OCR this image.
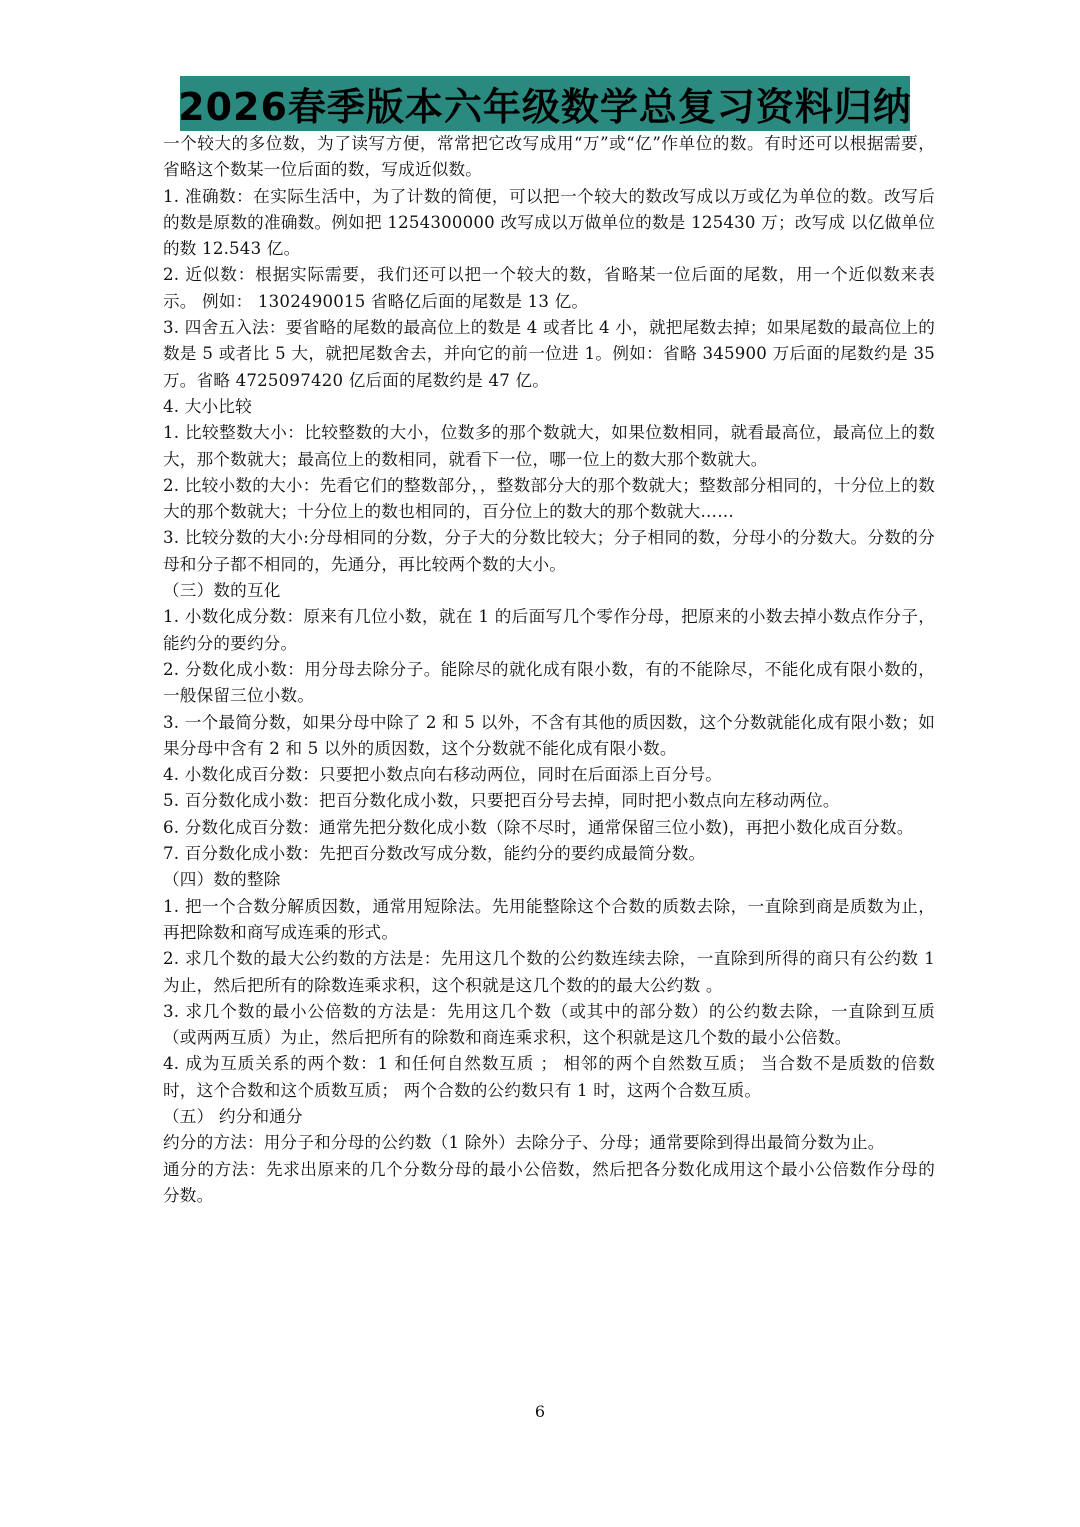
2026春季版本六年级数学总复习资料归纳

一个较大的多位数，为了读写方便，常常把它改写成用“万”或“亿”作单位的数。有时还可以根据需要，省略这个数某一位后面的数，写成近似数。

1. 准确数：在实际生活中，为了计数的简便，可以把一个较大的数改写成以万或亿为单位的数。改写后的数是原数的准确数。例如把 1254300000 改写成以万做单位的数是 125430 万；改写成 以亿做单位 的数 12.543 亿。

2. 近似数：根据实际需要，我们还可以把一个较大的数，省略某一位后面的尾数，用一个近似数来表示。 例如： 1302490015 省略亿后面的尾数是 13 亿。

3. 四舍五入法：要省略的尾数的最高位上的数是 4 或者比 4 小，就把尾数去掉；如果尾数的最高位上的数是 5 或者比 5 大，就把尾数舍去，并向它的前一位进 1。例如：省略 345900 万后面的尾数约是 35 万。省略 4725097420 亿后面的尾数约是 47 亿。

4. 大小比较

1. 比较整数大小：比较整数的大小，位数多的那个数就大，如果位数相同，就看最高位，最高位上的数大，那个数就大；最高位上的数相同，就看下一位，哪一位上的数大那个数就大。

2. 比较小数的大小：先看它们的整数部分，，整数部分大的那个数就大；整数部分相同的，十分位上的数大的那个数就大；十分位上的数也相同的，百分位上的数大的那个数就大……

3. 比较分数的大小:分母相同的分数，分子大的分数比较大；分子相同的数，分母小的分数大。分数的分母和分子都不相同的，先通分，再比较两个数的大小。

（三）数的互化

1. 小数化成分数：原来有几位小数，就在 1 的后面写几个零作分母，把原来的小数去掉小数点作分子，能约分的要约分。

2. 分数化成小数：用分母去除分子。能除尽的就化成有限小数，有的不能除尽，不能化成有限小数的，一般保留三位小数。

3. 一个最简分数，如果分母中除了 2 和 5 以外，不含有其他的质因数，这个分数就能化成有限小数；如果分母中含有 2 和 5 以外的质因数，这个分数就不能化成有限小数。

4. 小数化成百分数：只要把小数点向右移动两位，同时在后面添上百分号。

5. 百分数化成小数：把百分数化成小数，只要把百分号去掉，同时把小数点向左移动两位。

6. 分数化成百分数：通常先把分数化成小数（除不尽时，通常保留三位小数)，再把小数化成百分数。

7. 百分数化成小数：先把百分数改写成分数，能约分的要约成最简分数。

（四）数的整除

1. 把一个合数分解质因数，通常用短除法。先用能整除这个合数的质数去除，一直除到商是质数为止，再把除数和商写成连乘的形式。

2. 求几个数的最大公约数的方法是：先用这几个数的公约数连续去除，一直除到所得的商只有公约数 1 为止，然后把所有的除数连乘求积，这个积就是这几个数的的最大公约数 。

3. 求几个数的最小公倍数的方法是：先用这几个数（或其中的部分数）的公约数去除，一直除到互质（或两两互质）为止，然后把所有的除数和商连乘求积，这个积就是这几个数的最小公倍数。

4. 成为互质关系的两个数：1 和任何自然数互质 ； 相邻的两个自然数互质； 当合数不是质数的倍数时，这个合数和这个质数互质； 两个合数的公约数只有 1 时，这两个合数互质。

（五） 约分和通分

约分的方法：用分子和分母的公约数（1 除外）去除分子、分母；通常要除到得出最简分数为止。

通分的方法：先求出原来的几个分数分母的最小公倍数，然后把各分数化成用这个最小公倍数作分母的分数。

6
